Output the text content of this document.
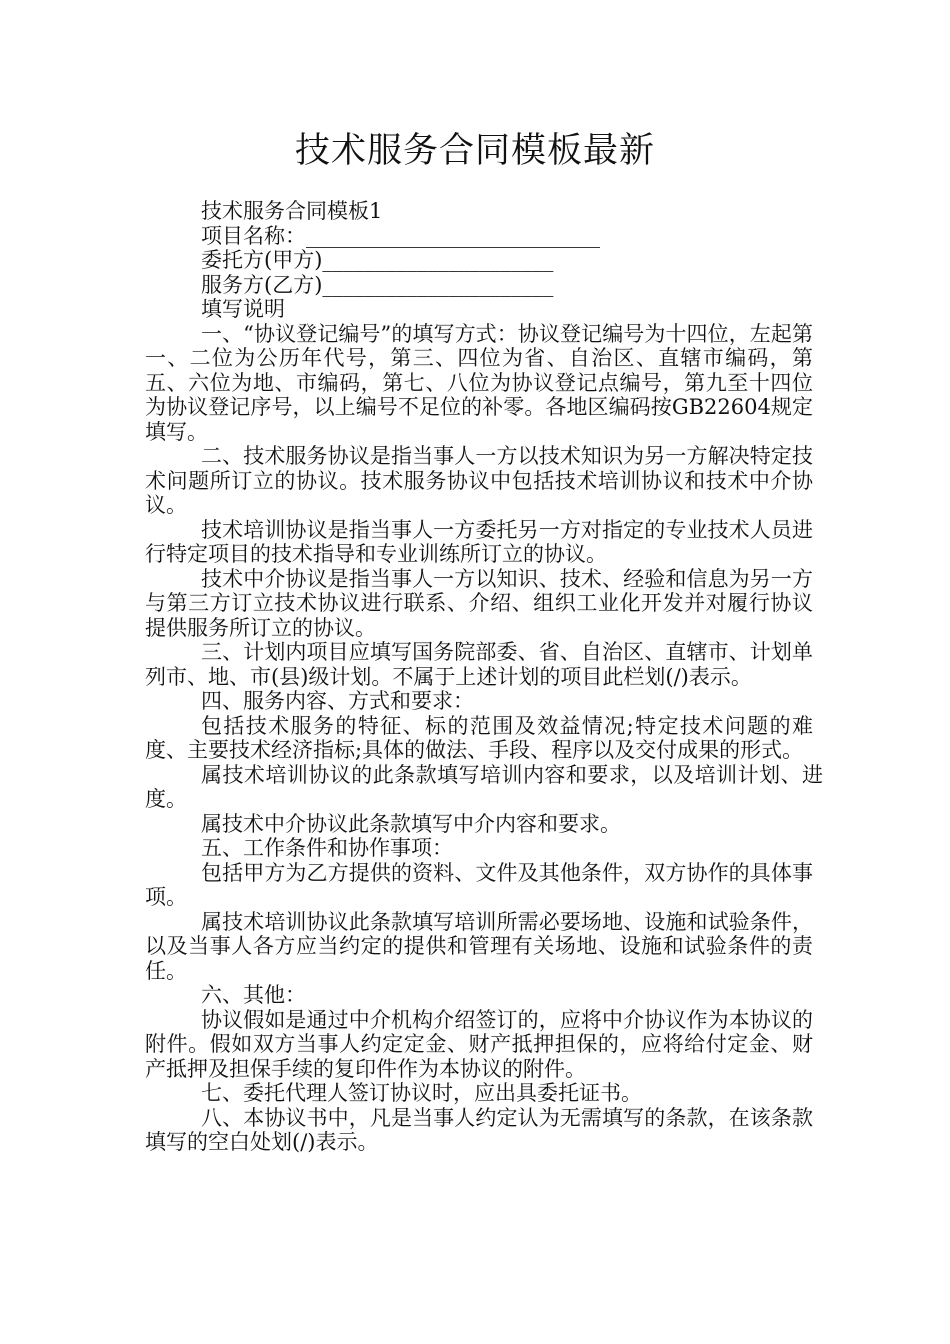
技术服务合同模板最新
技术服务合同模板1
项目名称：____________________________
委托方(甲方)______________________
服务方(乙方)______________________
填写说明
一、“协议登记编号”的填写方式：协议登记编号为十四位，左起第一、二位为公历年代号，第三、四位为省、自治区、直辖市编码，第五、六位为地、市编码，第七、八位为协议登记点编号，第九至十四位为协议登记序号，以上编号不足位的补零。各地区编码按GB22604规定填写。
二、技术服务协议是指当事人一方以技术知识为另一方解决特定技术问题所订立的协议。技术服务协议中包括技术培训协议和技术中介协议。
技术培训协议是指当事人一方委托另一方对指定的专业技术人员进行特定项目的技术指导和专业训练所订立的协议。
技术中介协议是指当事人一方以知识、技术、经验和信息为另一方与第三方订立技术协议进行联系、介绍、组织工业化开发并对履行协议提供服务所订立的协议。
三、计划内项目应填写国务院部委、省、自治区、直辖市、计划单列市、地、市(县)级计划。不属于上述计划的项目此栏划(/)表示。
四、服务内容、方式和要求：
包括技术服务的特征、标的范围及效益情况;特定技术问题的难度、主要技术经济指标;具体的做法、手段、程序以及交付成果的形式。
属技术培训协议的此条款填写培训内容和要求，以及培训计划、进度。
属技术中介协议此条款填写中介内容和要求。
五、工作条件和协作事项：
包括甲方为乙方提供的资料、文件及其他条件，双方协作的具体事项。
属技术培训协议此条款填写培训所需必要场地、设施和试验条件，以及当事人各方应当约定的提供和管理有关场地、设施和试验条件的责任。
六、其他：
协议假如是通过中介机构介绍签订的，应将中介协议作为本协议的附件。假如双方当事人约定定金、财产抵押担保的，应将给付定金、财产抵押及担保手续的复印件作为本协议的附件。
七、委托代理人签订协议时，应出具委托证书。
八、本协议书中，凡是当事人约定认为无需填写的条款，在该条款填写的空白处划(/)表示。
